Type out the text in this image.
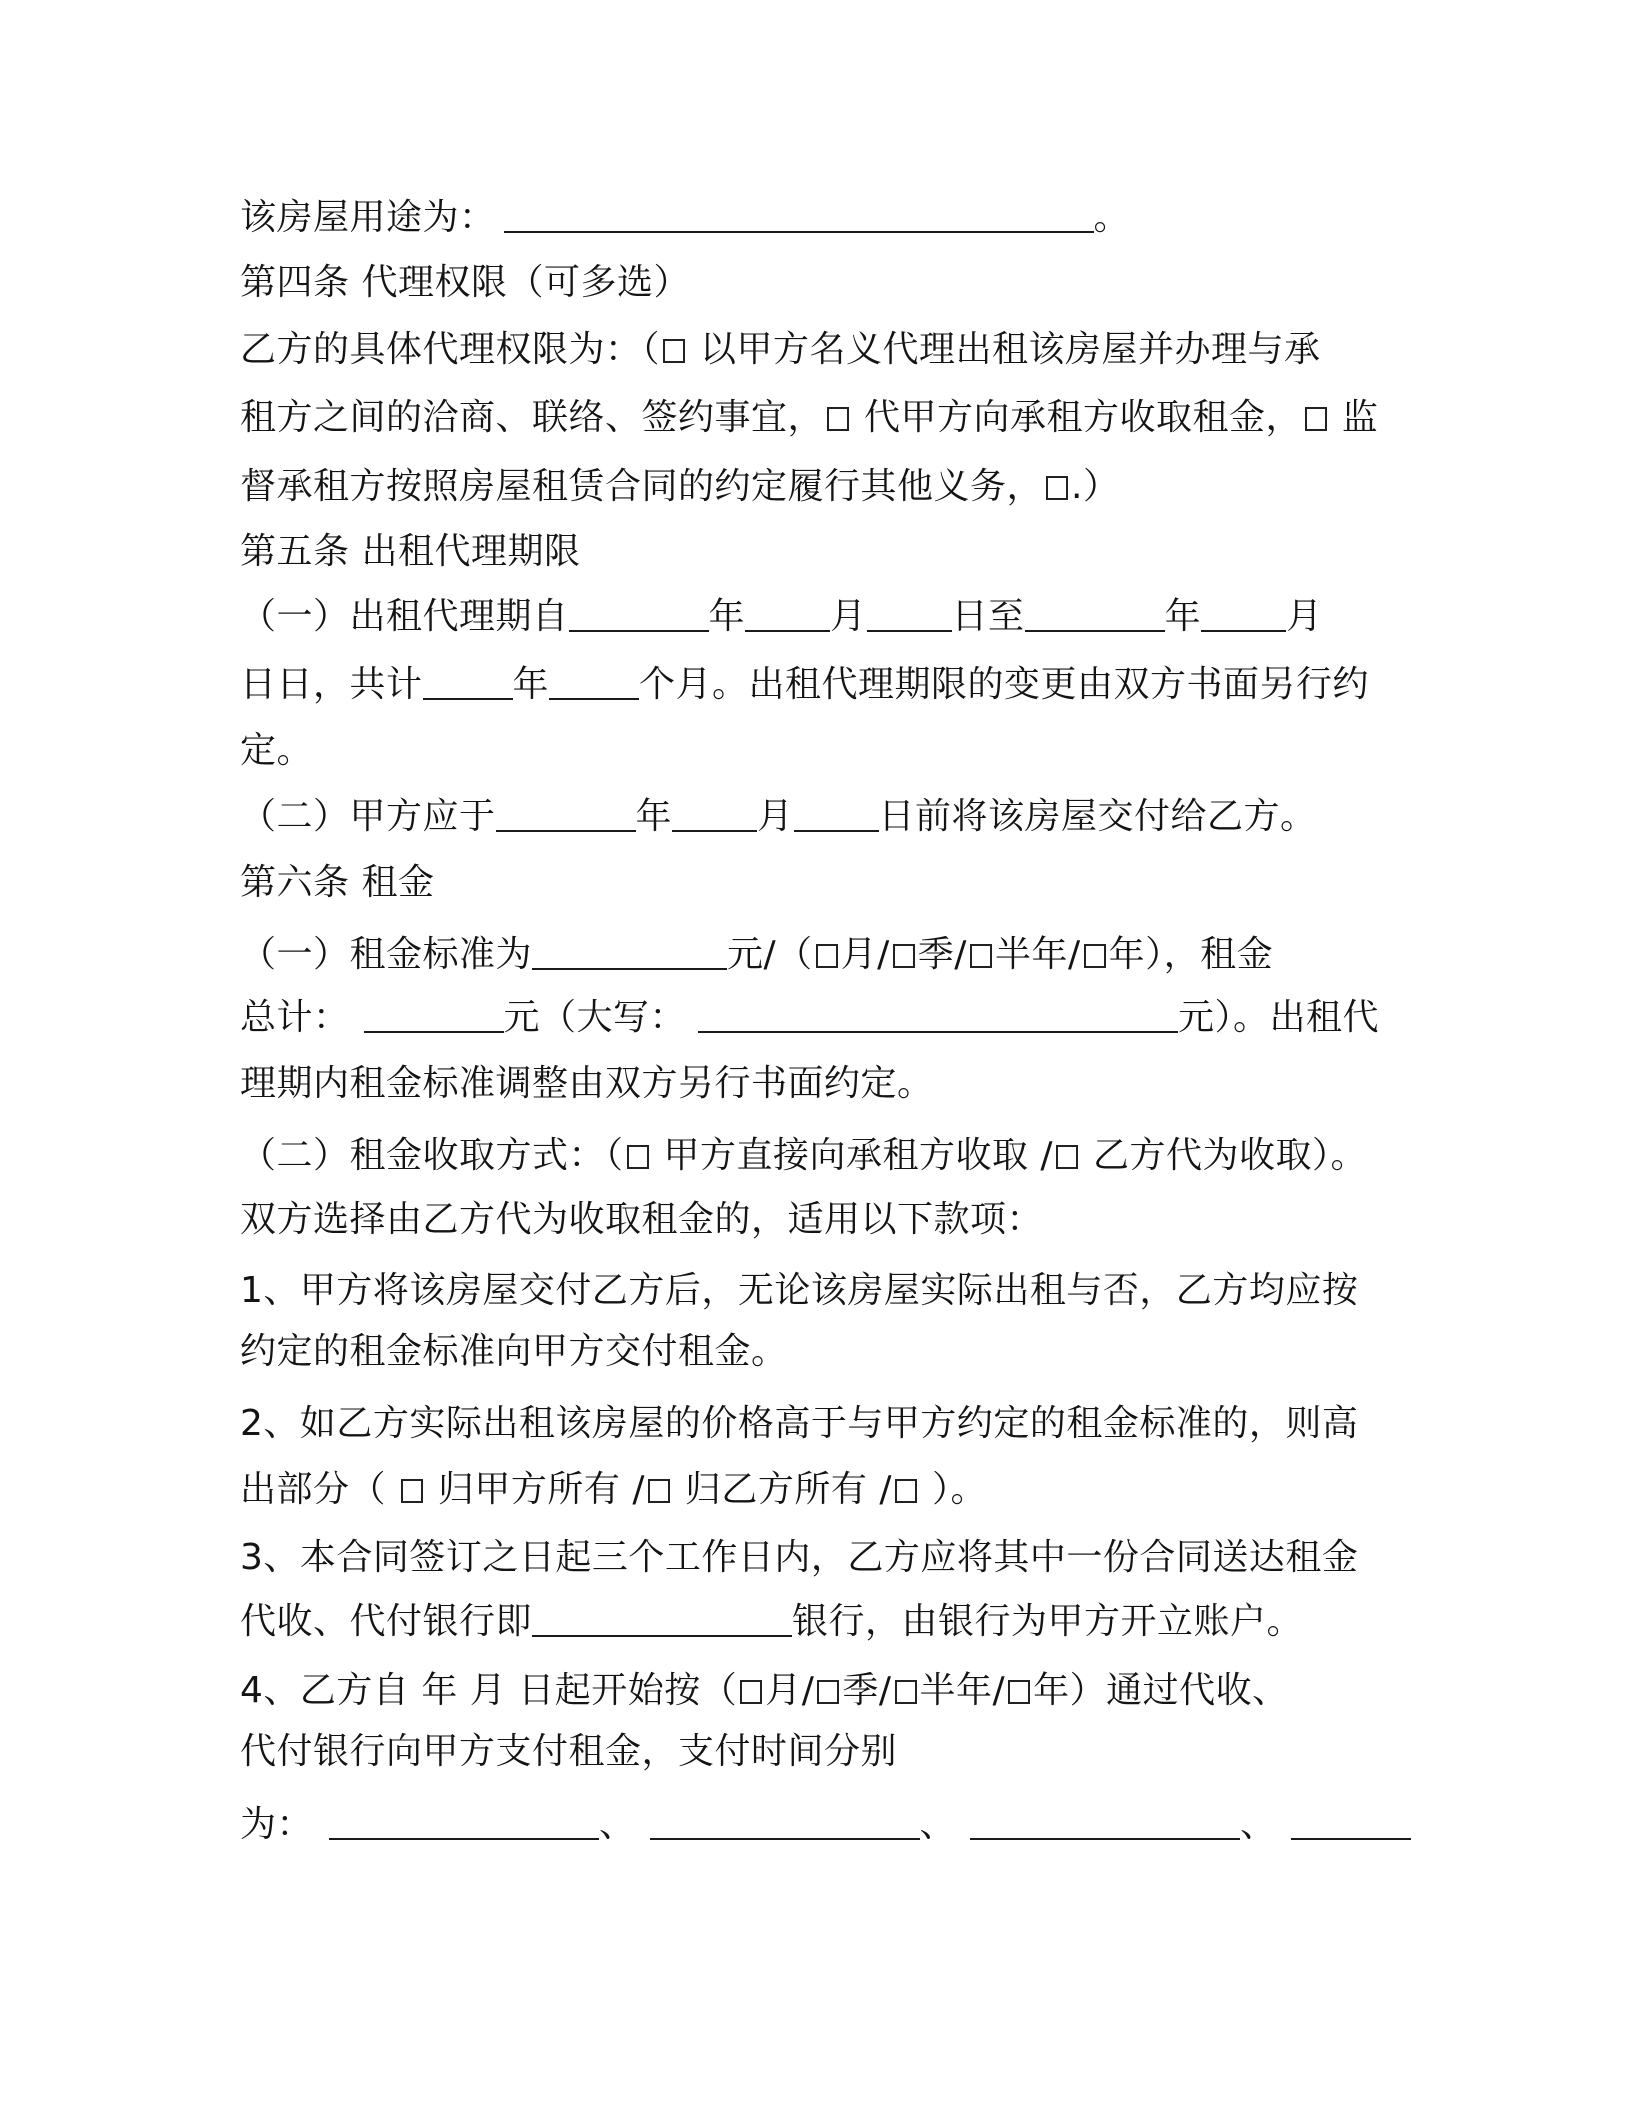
该房屋用途为：	。
第四条 代理权限（可多选）
乙方的具体代理权限为：（ 以甲方名义代理出租该房屋并办理与承
租方之间的洽商、联络、签约事宜， 代甲方向承租方收取租金， 监
督承租方按照房屋租赁合同的约定履行其他义务， .）
第五条 出租代理期限
（一）出租代理期自	年 月 日至	年 月
日日，共计	年	个月。出租代理期限的变更由双方书面另行约
定。
（二）甲方应于	年 月 日前将该房屋交付给乙方。
第六条 租金
（一）租金标准为	元/（ 月/ 季/ 半年/ 年），租金
总计：	元（大写：	元）。出租代
理期内租金标准调整由双方另行书面约定。
（二）租金收取方式：（ 甲方直接向承租方收取 / 乙方代为收取）。
双方选择由乙方代为收取租金的，适用以下款项：
1、甲方将该房屋交付乙方后，无论该房屋实际出租与否，乙方均应按
约定的租金标准向甲方交付租金。
2、如乙方实际出租该房屋的价格高于与甲方约定的租金标准的，则高
出部分（  归甲方所有 / 归乙方所有 / ）。
3、本合同签订之日起三个工作日内，乙方应将其中一份合同送达租金
代收、代付银行即	银行，由银行为甲方开立账户。
4、乙方自 年 月 日起开始按（ 月/ 季/ 半年/ 年）通过代收、
代付银行向甲方支付租金，支付时间分别
为：	、	、	、
